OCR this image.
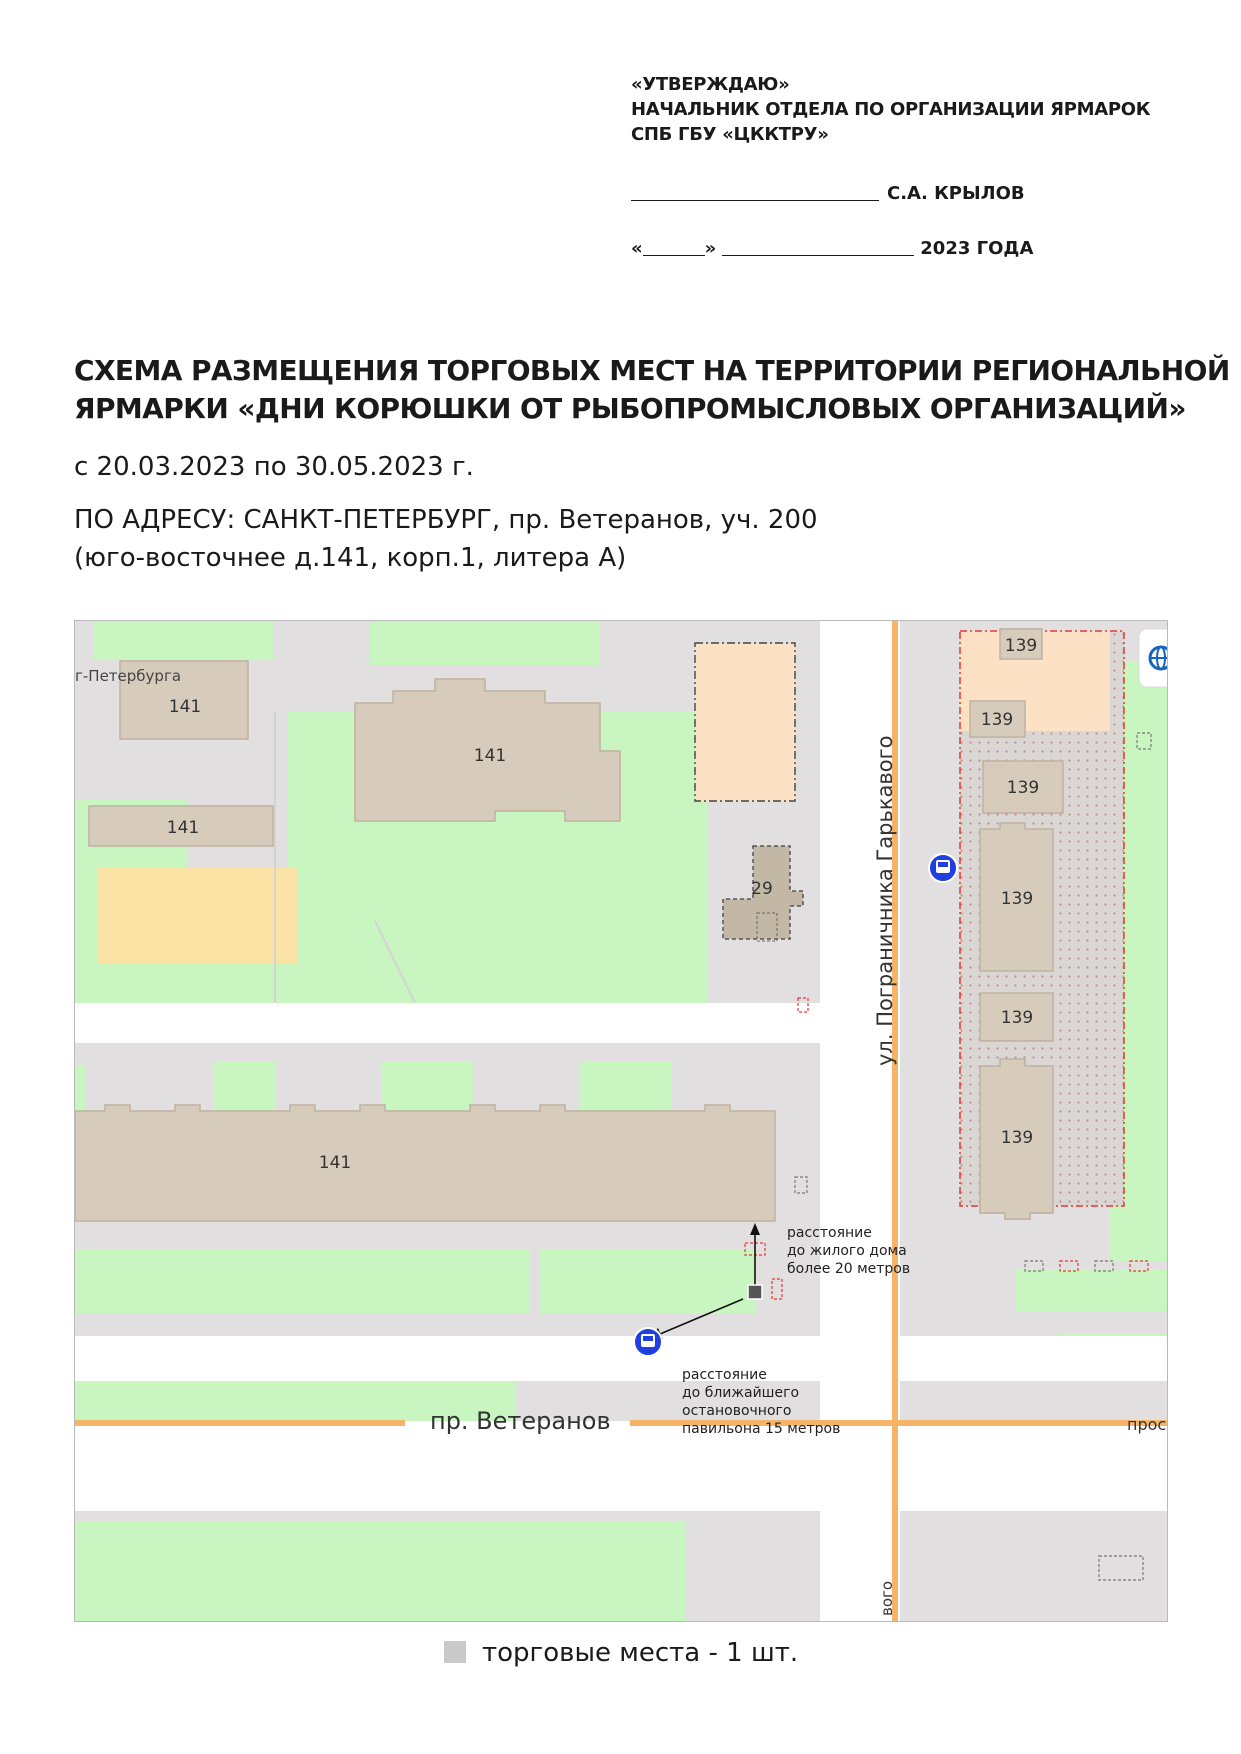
«УТВЕРЖДАЮ»
НАЧАЛЬНИК ОТДЕЛА ПО ОРГАНИЗАЦИИ ЯРМАРОК
СПБ ГБУ «ЦККТРУ»
С.А. КРЫЛОВ
«	»	2023 ГОДА
СХЕМА РАЗМЕЩЕНИЯ ТОРГОВЫХ МЕСТ НА ТЕРРИТОРИИ РЕГИОНАЛЬНОЙ
ЯРМАРКИ «ДНИ КОРЮШКИ ОТ РЫБОПРОМЫСЛОВЫХ ОРГАНИЗАЦИЙ»
с 20.03.2023 по 30.05.2023 г.
ПО АДРЕСУ: САНКТ-ПЕТЕРБУРГ, пр. Ветеранов, уч. 200
(юго-восточнее д.141, корп.1, литера А)
141
141
141
141
29
139
139
139
139
139
139
г-Петербурга
ул. Пограничника Гарькавого
пр. Ветеранов	прос
вого
расстояние
до жилого дома
более 20 метров
расстояние
до ближайшего
остановочного
павильона 15 метров
торговые места - 1 шт.
